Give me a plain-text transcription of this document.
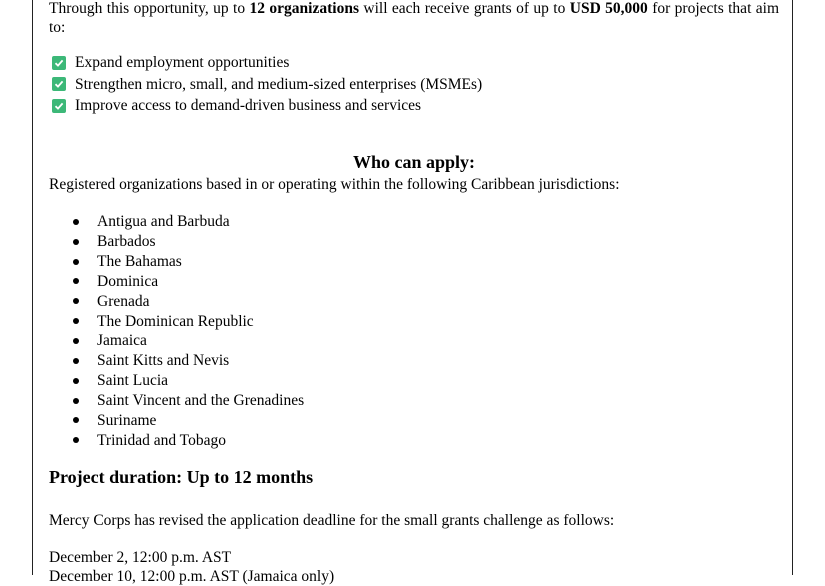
Through this opportunity, up to 12 organizations will each receive grants of up to USD 50,000 for projects that aim to:

Expand employment opportunities
Strengthen micro, small, and medium-sized enterprises (MSMEs)
Improve access to demand-driven business and services
Who can apply:
Registered organizations based in or operating within the following Caribbean jurisdictions:
Antigua and Barbuda
Barbados
The Bahamas
Dominica
Grenada
The Dominican Republic
Jamaica
Saint Kitts and Nevis
Saint Lucia
Saint Vincent and the Grenadines
Suriname
Trinidad and Tobago
Project duration: Up to 12 months
Mercy Corps has revised the application deadline for the small grants challenge as follows:
December 2, 12:00 p.m. AST
December 10, 12:00 p.m. AST (Jamaica only)
